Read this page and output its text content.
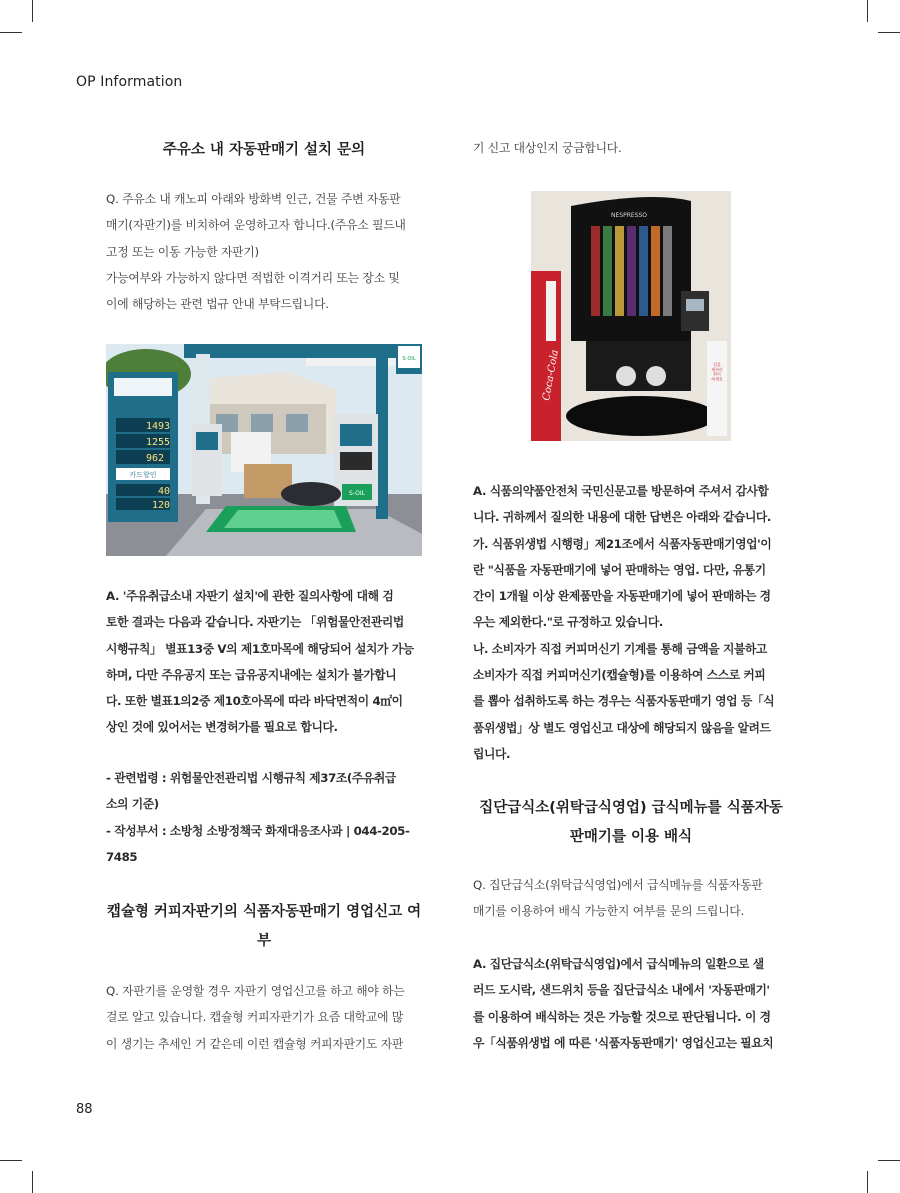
OP Information
주유소 내 자동판매기 설치 문의
Q. 주유소 내 캐노피 아래와 방화벽 인근, 건물 주변 자동판
매기(자판기)를 비치하여 운영하고자 합니다.(주유소 필드내
고정 또는 이동 가능한 자판기)
가능여부와 가능하지 않다면 적법한 이격거리 또는 장소 및
이에 해당하는 관련 법규 안내 부탁드립니다.
S-OIL
1493
1255
962
카드할인
40
120
S-OIL
A. '주유취급소내 자판기 설치'에 관한 질의사항에 대해 검
토한 결과는 다음과 같습니다. 자판기는 「위험물안전관리법
시행규칙」 별표13중 V의 제1호마목에 해당되어 설치가 가능
하며, 다만 주유공지 또는 급유공지내에는 설치가 불가합니
다. 또한 별표1의2중 제10호아목에 따라 바닥면적이 4㎡이
상인 것에 있어서는 변경허가를 필요로 합니다.
- 관련법령 : 위험물안전관리법 시행규칙 제37조(주유취급
소의 기준)
- 작성부서 : 소방청 소방정책국 화재대응조사과 | 044-205-
7485
캡슐형 커피자판기의 식품자동판매기 영업신고 여부
Q. 자판기를 운영할 경우 자판기 영업신고를 하고 해야 하는
걸로 알고 있습니다. 캡슐형 커피자판기가 요즘 대학교에 많
이 생기는 추세인 거 같은데 이런 캡슐형 커피자판기도 자판
기 신고 대상인지 궁금합니다.
Coca-Cola
NESPRESSO
컵을 제자리 위치 하세요
A. 식품의약품안전처 국민신문고를 방문하여 주셔서 감사합
니다. 귀하께서 질의한 내용에 대한 답변은 아래와 같습니다.
가. 식품위생법 시행령」제21조에서 식품자동판매기영업'이
란 "식품을 자동판매기에 넣어 판매하는 영업. 다만, 유통기
간이 1개월 이상 완제품만을 자동판매기에 넣어 판매하는 경
우는 제외한다."로 규정하고 있습니다.
나. 소비자가 직접 커피머신기 기계를 통해 금액을 지불하고
소비자가 직접 커피머신기(캡슐형)를 이용하여 스스로 커피
를 뽑아 섭취하도록 하는 경우는 식품자동판매기 영업 등「식
품위생법」상 별도 영업신고 대상에 해당되지 않음을 알려드
립니다.
집단급식소(위탁급식영업) 급식메뉴를 식품자동판매기를 이용 배식
Q. 집단급식소(위탁급식영업)에서 급식메뉴를 식품자동판
매기를 이용하여 배식 가능한지 여부를 문의 드립니다.
A. 집단급식소(위탁급식영업)에서 급식메뉴의 일환으로 샐
러드 도시락, 샌드위치 등을 집단급식소 내에서 '자동판매기'
를 이용하여 배식하는 것은 가능할 것으로 판단됩니다. 이 경
우「식품위생법 에 따른 '식품자동판매기' 영업신고는 필요치
88
